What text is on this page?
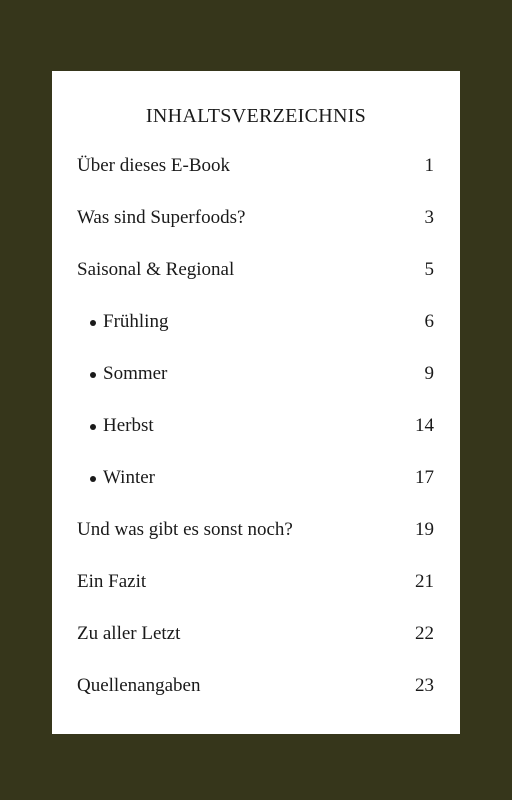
INHALTSVERZEICHNIS
Über dieses E-Book	1
Was sind Superfoods?	3
Saisonal & Regional	5
Frühling	6
Sommer	9
Herbst	14
Winter	17
Und was gibt es sonst noch?	19
Ein Fazit	21
Zu aller Letzt	22
Quellenangaben	23
